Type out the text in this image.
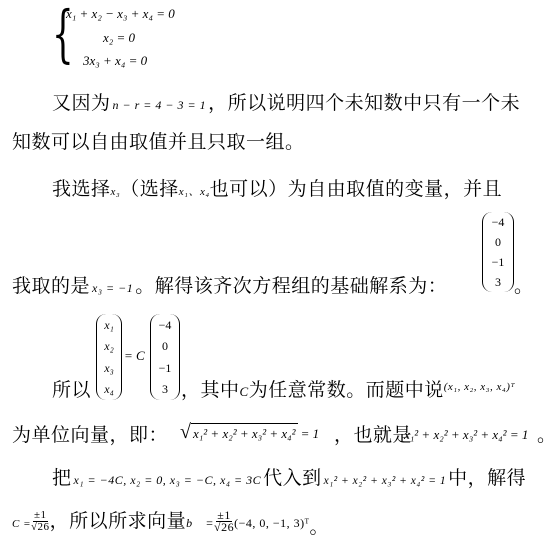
{
x₁ + x₂ − x₃ + x₄ = 0
x₂ = 0
3x₃ + x₄ = 0
又因为 n − r = 4 − 3 = 1 ，所以说明四个未知数中只有一个未
知数可以自由取值并且只取一组。
我选择x₃（选择x₁、x₄也可以）为自由取值的变量，并且
我取的是 x₃ = −1 。解得该齐次方程组的基础解系为：
−4
0
−1
3 。
x₁
x₂
x₃
x₄
= C
−4
0
−1
3
所以	，其中C为任意常数。而题中说$^{(x_1, x_2, x_3, x_4)ᵀ}$
为单位向量，即： √ x₁² + x₂² + x₃² + x₄² = 1 ，也就是
x₁² + x₂² + x₃² + x₄² = 1 。
把x₁ = −4C, x₂ = 0, x₃ = −C, x₄ = 3C 代入到 x₁² + x₂² + x₃² + x₄² = 1 中，解得
$C = \frac{\pm 1}{√26}$ ，所以所求向量b⃗ = $\frac{\pm 1}{√26} (-4$, 0, −1, 3)ᵀ。
